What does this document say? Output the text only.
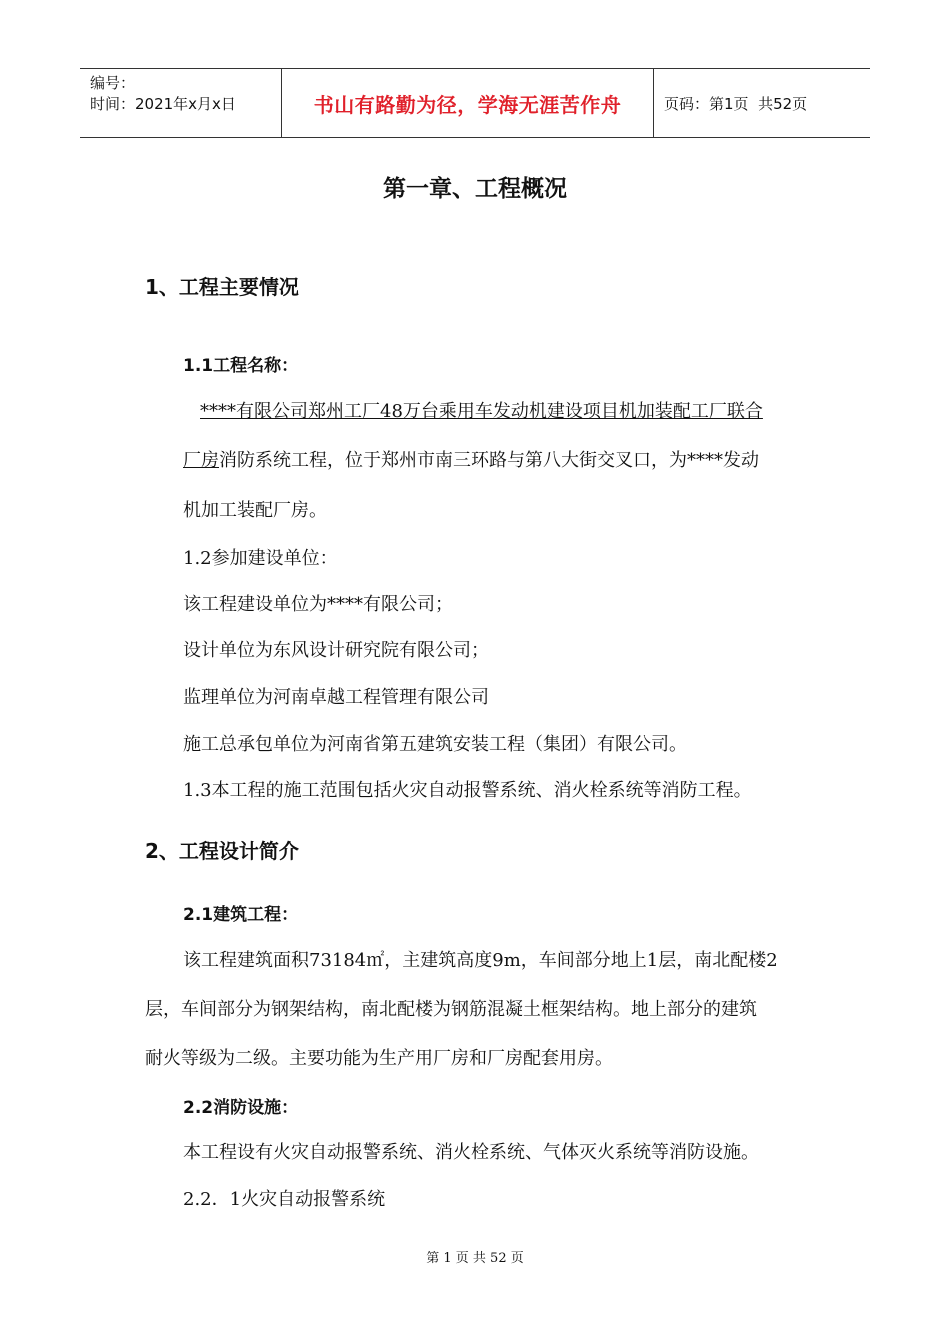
编号：
时间：2021年x月x日	书山有路勤为径，学海无涯苦作舟	页码：第1页  共52页
第一章、工程概况
1、工程主要情况
1.1工程名称：
****有限公司郑州工厂48万台乘用车发动机建设项目机加装配工厂联合
厂房消防系统工程，位于郑州市南三环路与第八大街交叉口，为****发动
机加工装配厂房。
1.2参加建设单位：
该工程建设单位为****有限公司；
设计单位为东风设计研究院有限公司；
监理单位为河南卓越工程管理有限公司
施工总承包单位为河南省第五建筑安装工程（集团）有限公司。
1.3本工程的施工范围包括火灾自动报警系统、消火栓系统等消防工程。
2、工程设计简介
2.1建筑工程：
该工程建筑面积73184㎡，主建筑高度9m，车间部分地上1层，南北配楼2
层，车间部分为钢架结构，南北配楼为钢筋混凝土框架结构。地上部分的建筑
耐火等级为二级。主要功能为生产用厂房和厂房配套用房。
2.2消防设施：
本工程设有火灾自动报警系统、消火栓系统、气体灭火系统等消防设施。
2.2．1火灾自动报警系统
第 1 页 共 52 页
